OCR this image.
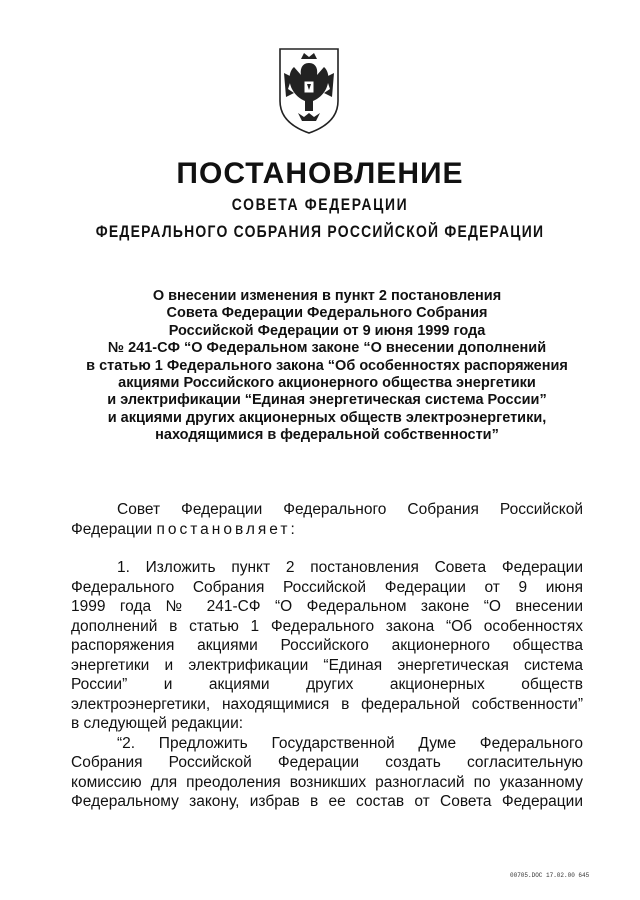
ПОСТАНОВЛЕНИЕ
СОВЕТА ФЕДЕРАЦИИ
ФЕДЕРАЛЬНОГО СОБРАНИЯ РОССИЙСКОЙ ФЕДЕРАЦИИ
О внесении изменения в пункт 2 постановления
Совета Федерации Федерального Собрания
Российской Федерации от 9 июня 1999 года
№ 241-СФ “О Федеральном законе “О внесении дополнений
в статью 1 Федерального закона “Об особенностях распоряжения
акциями Российского акционерного общества энергетики
и электрификации “Единая энергетическая система России”
и акциями других акционерных обществ электроэнергетики,
находящимися в федеральной собственности”
Совет Федерации Федерального Собрания Российской
Федерации постановляет:
1. Изложить пункт 2 постановления Совета Федерации
Федерального Собрания Российской Федерации от 9 июня
1999 года № 241-СФ “О Федеральном законе “О внесении
дополнений в статью 1 Федерального закона “Об особенностях
распоряжения акциями Российского акционерного общества
энергетики и электрификации “Единая энергетическая система
России” и акциями других акционерных обществ
электроэнергетики, находящимися в федеральной собственности”
в следующей редакции:
“2. Предложить Государственной Думе Федерального
Собрания Российской Федерации создать согласительную
комиссию для преодоления возникших разногласий по указанному
Федеральному закону, избрав в ее состав от Совета Федерации
00705.DOC 17.02.00 645
